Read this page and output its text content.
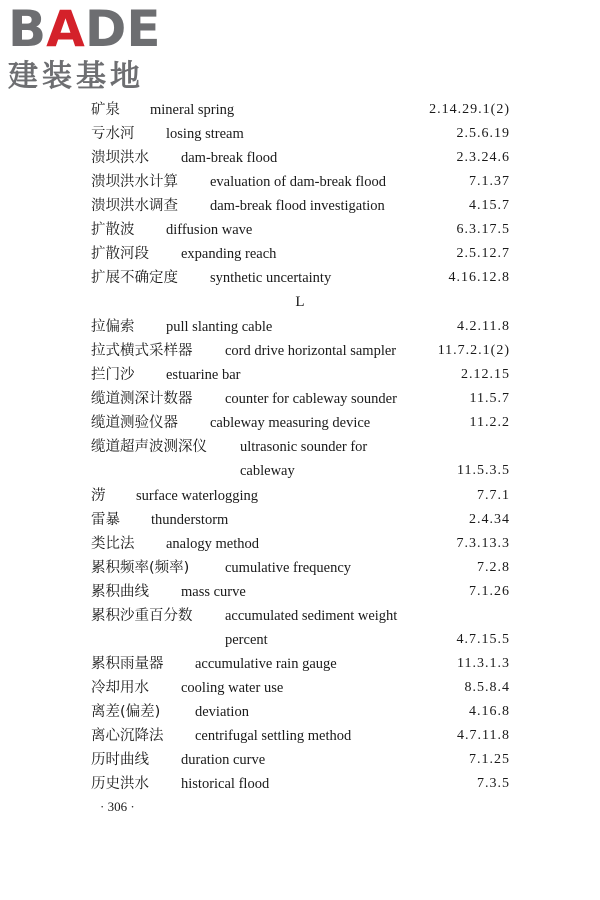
BADE
建装基地
矿泉 mineral spring	2.14.29.1(2)
亏水河 losing stream	2.5.6.19
溃坝洪水 dam-break flood	2.3.24.6
溃坝洪水计算 evaluation of dam-break flood	7.1.37
溃坝洪水调查 dam-break flood investigation	4.15.7
扩散波 diffusion wave	6.3.17.5
扩散河段 expanding reach	2.5.12.7
扩展不确定度 synthetic uncertainty	4.16.12.8
L
拉偏索 pull slanting cable	4.2.11.8
拉式横式采样器 cord drive horizontal sampler	11.7.2.1(2)
拦门沙 estuarine bar	2.12.15
缆道测深计数器 counter for cableway sounder	11.5.7
缆道测验仪器 cableway measuring device	11.2.2
缆道超声波测深仪 ultrasonic sounder for
cableway	11.5.3.5
涝 surface waterlogging	7.7.1
雷暴 thunderstorm	2.4.34
类比法 analogy method	7.3.13.3
累积频率(频率) cumulative frequency	7.2.8
累积曲线 mass curve	7.1.26
累积沙重百分数 accumulated sediment weight
percent	4.7.15.5
累积雨量器 accumulative rain gauge	11.3.1.3
冷却用水 cooling water use	8.5.8.4
离差(偏差) deviation	4.16.8
离心沉降法 centrifugal settling method	4.7.11.8
历时曲线 duration curve	7.1.25
历史洪水 historical flood	7.3.5
· 306 ·
